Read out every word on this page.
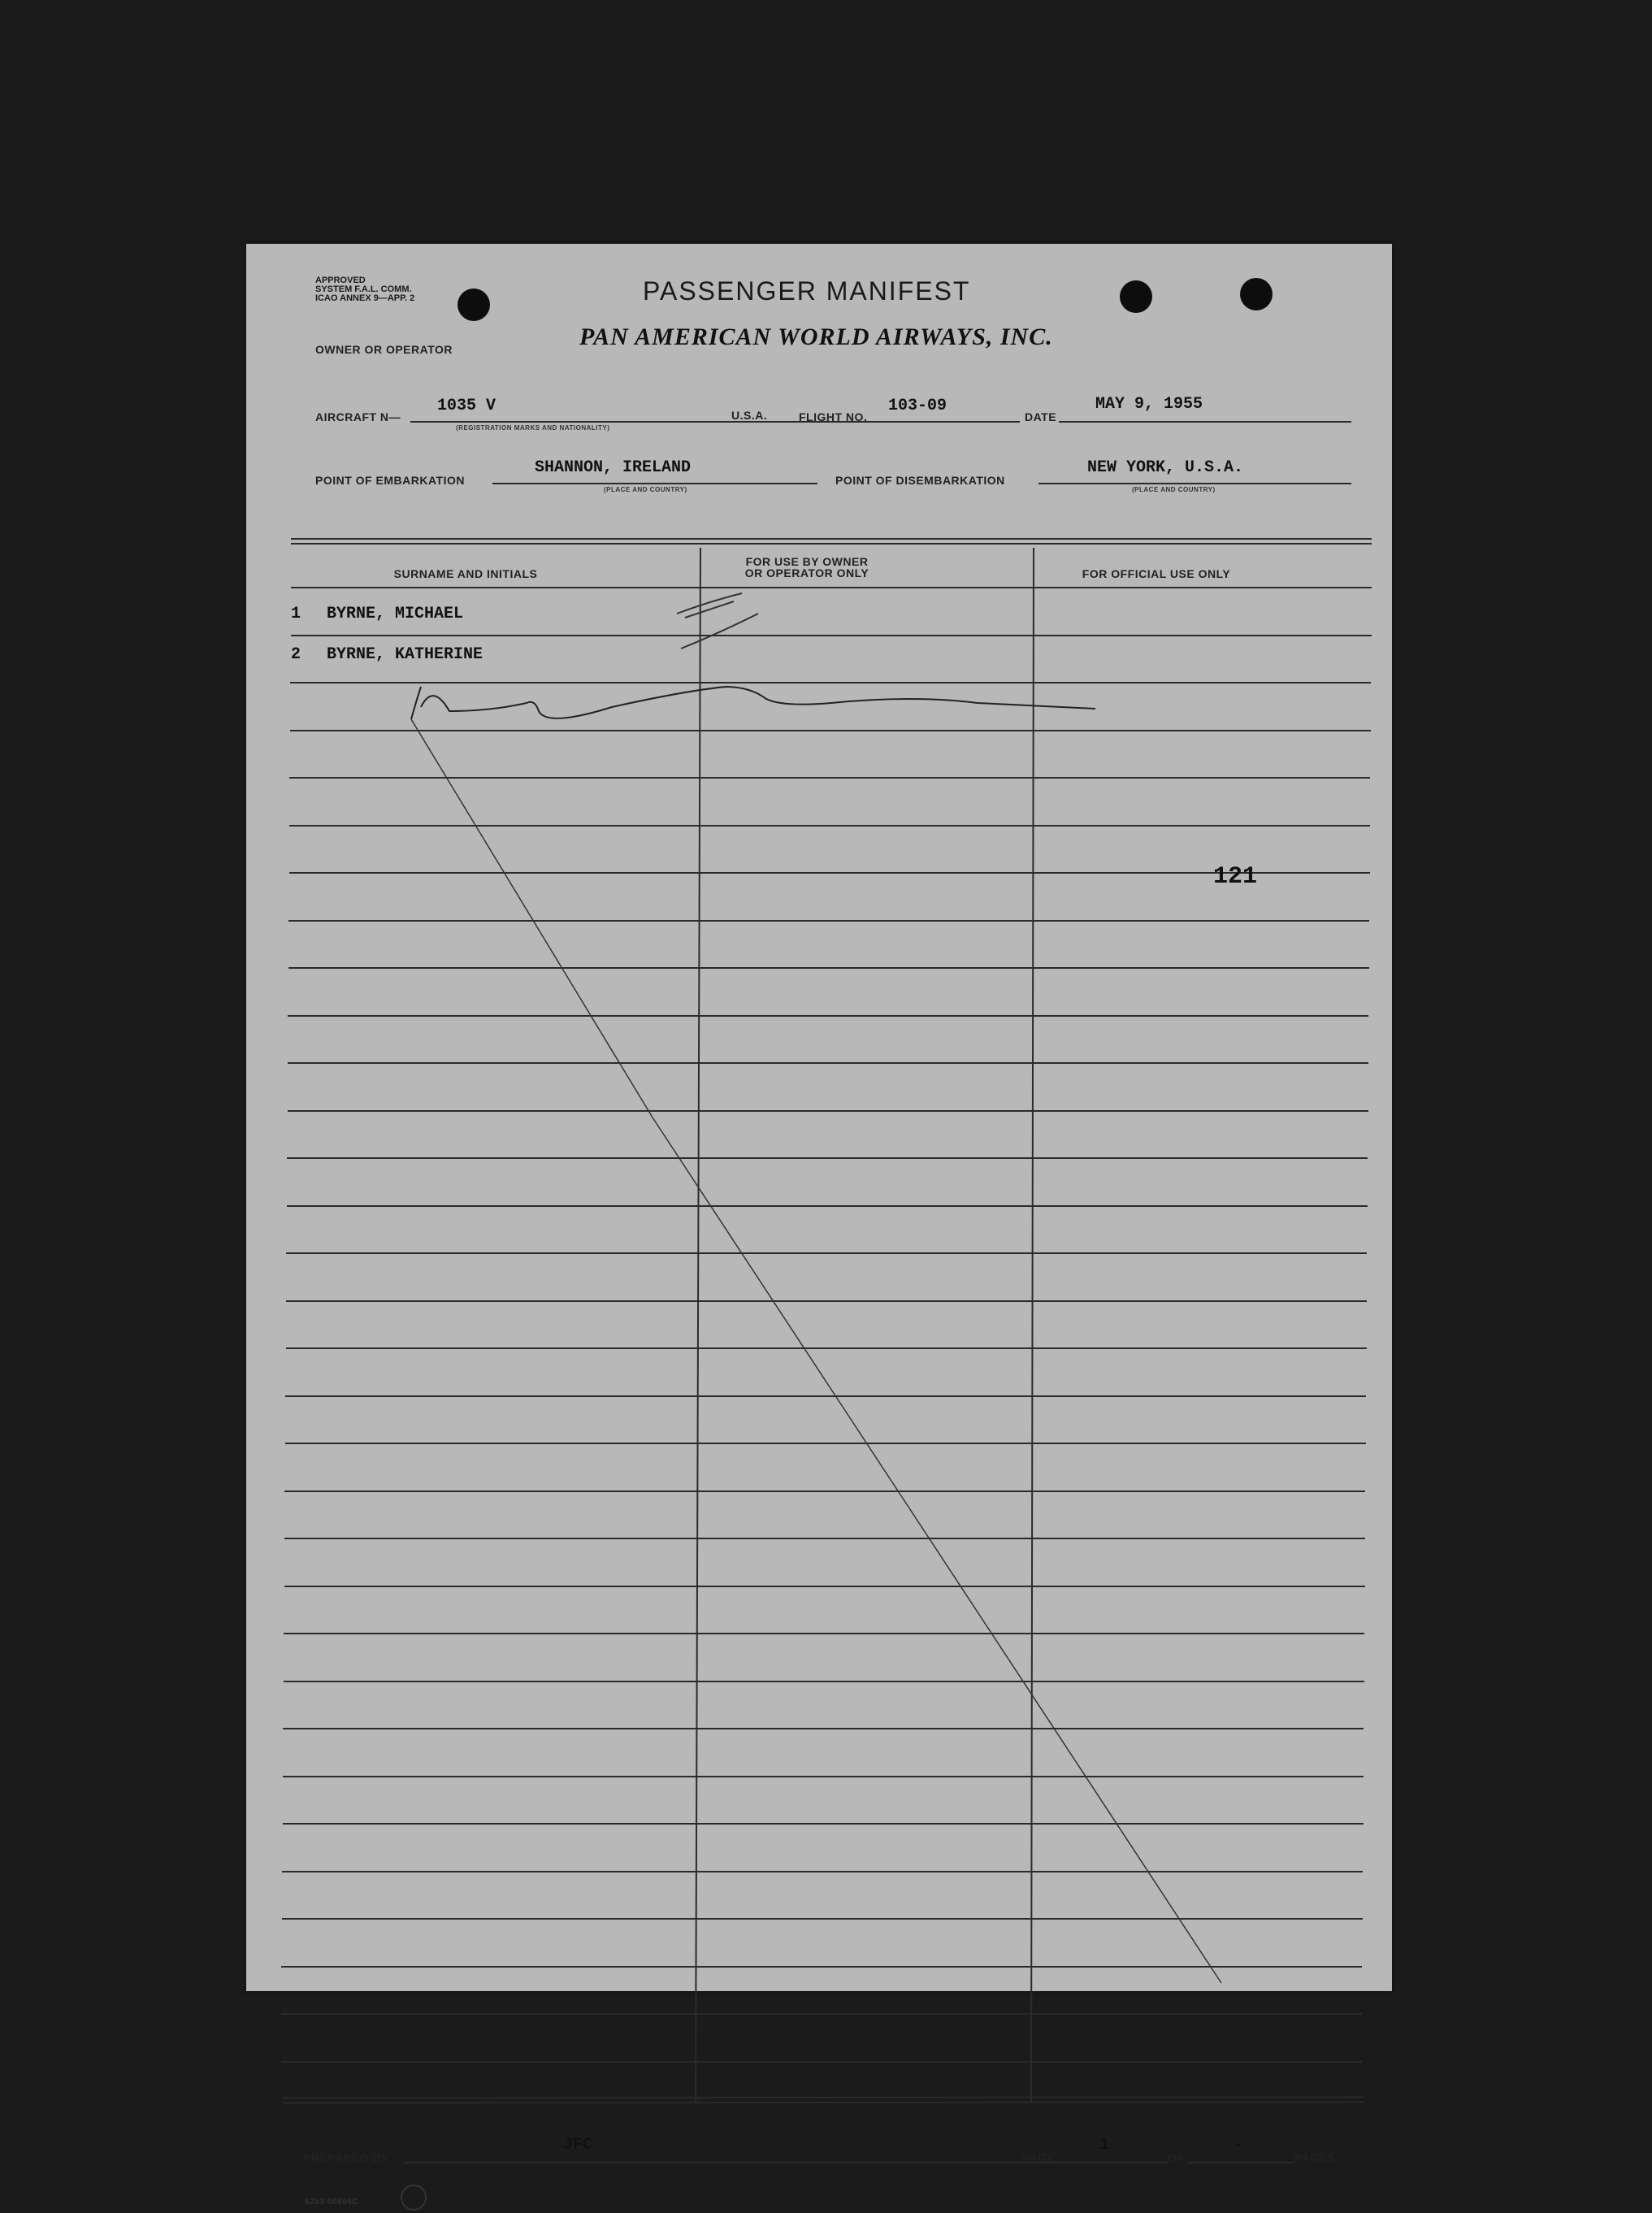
APPROVED
SYSTEM F.A.L. COMM.
ICAO ANNEX 9—APP. 2	PASSENGER MANIFEST
OWNER OR OPERATOR	PAN AMERICAN WORLD AIRWAYS, INC.
AIRCRAFT N—
1035 V
(REGISTRATION MARKS AND NATIONALITY)
U.S.A.	FLIGHT NO.
103-09
DATE
MAY 9, 1955
POINT OF EMBARKATION
SHANNON, IRELAND
(PLACE AND COUNTRY)
POINT OF DISEMBARKATION
NEW YORK, U.S.A.
(PLACE AND COUNTRY)
SURNAME AND INITIALS
FOR USE BY OWNER
OR OPERATOR ONLY	FOR OFFICIAL USE ONLY
1 BYRNE, MICHAEL
2 BYRNE, KATHERINE
121
PREPARED BY
JFC
PAGE
1
OF
-
PAGES
6253-00805C
